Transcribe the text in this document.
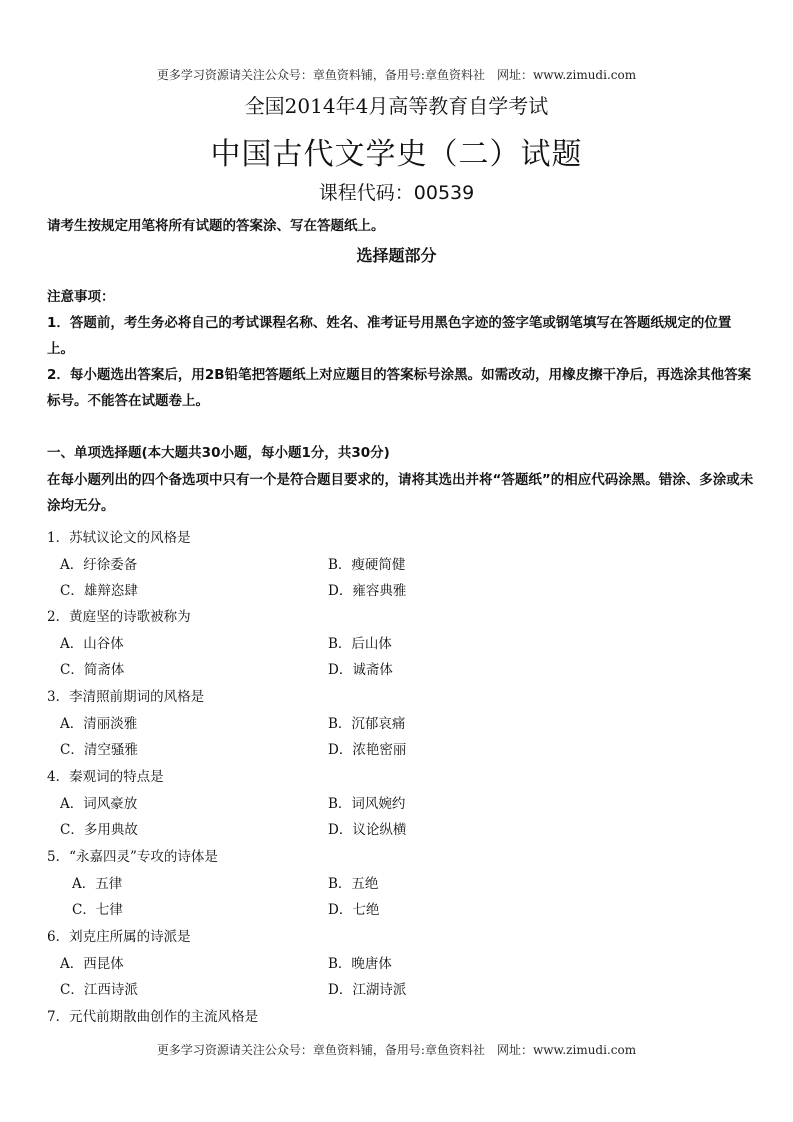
更多学习资源请关注公众号：章鱼资料铺，备用号:章鱼资料社　网址：www.zimudi.com
全国2014年4月高等教育自学考试
中国古代文学史（二）试题
课程代码：00539
请考生按规定用笔将所有试题的答案涂、写在答题纸上。
选择题部分
注意事项：
1．答题前，考生务必将自己的考试课程名称、姓名、准考证号用黑色字迹的签字笔或钢笔填写在答题纸规定的位置上。
2．每小题选出答案后，用2B铅笔把答题纸上对应题目的答案标号涂黑。如需改动，用橡皮擦干净后，再选涂其他答案标号。不能答在试题卷上。
一、单项选择题(本大题共30小题，每小题1分，共30分)
在每小题列出的四个备选项中只有一个是符合题目要求的，请将其选出并将“答题纸”的相应代码涂黑。错涂、多涂或未涂均无分。
1．苏轼议论文的风格是
A．纡徐委备	B．瘦硬简健
C．雄辩恣肆	D．雍容典雅
2．黄庭坚的诗歌被称为
A．山谷体	B．后山体
C．简斋体	D．诚斋体
3．李清照前期词的风格是
A．清丽淡雅	B．沉郁哀痛
C．清空骚雅	D．浓艳密丽
4．秦观词的特点是
A．词风豪放	B．词风婉约
C．多用典故	D．议论纵横
5．“永嘉四灵”专攻的诗体是
A．五律	B．五绝
C．七律	D．七绝
6．刘克庄所属的诗派是
A．西昆体	B．晚唐体
C．江西诗派	D．江湖诗派
7．元代前期散曲创作的主流风格是
更多学习资源请关注公众号：章鱼资料铺，备用号:章鱼资料社　网址：www.zimudi.com
